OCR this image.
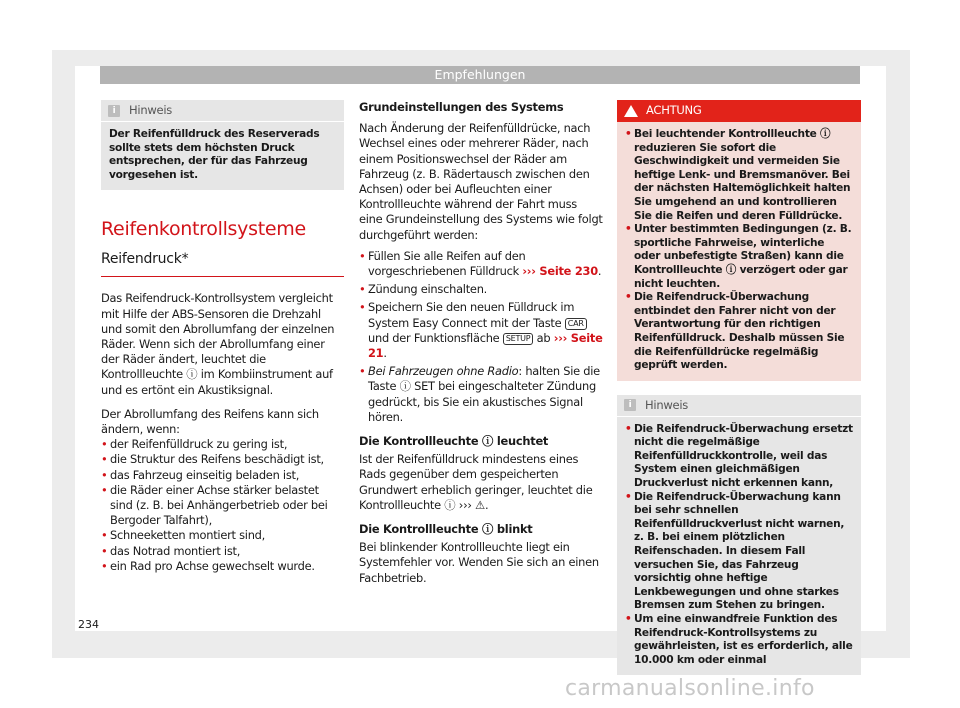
Empfehlungen
i	Hinweis
Der Reifenfülldruck des Reserverads sollte stets dem höchsten Druck entsprechen, der für das Fahrzeug vorgesehen ist.
Reifenkontrollsysteme
Reifendruck*

Das Reifendruck-Kontrollsystem vergleicht mit Hilfe der ABS-Sensoren die Drehzahl und somit den Abrollumfang der einzelnen Räder. Wenn sich der Abrollumfang einer der Räder ändert, leuchtet die Kontrollleuchte ⓘ im Kombiinstrument auf und es ertönt ein Akustiksignal.

Der Abrollumfang des Reifens kann sich ändern, wenn:

• der Reifenfülldruck zu gering ist,
• die Struktur des Reifens beschädigt ist,
• das Fahrzeug einseitig beladen ist,
• die Räder einer Achse stärker belastet sind (z. B. bei Anhängerbetrieb oder bei Bergoder Talfahrt),
• Schneeketten montiert sind,
• das Notrad montiert ist,
• ein Rad pro Achse gewechselt wurde.
Grundeinstellungen des Systems

Nach Änderung der Reifenfülldrücke, nach Wechsel eines oder mehrerer Räder, nach einem Positionswechsel der Räder am Fahrzeug (z. B. Rädertausch zwischen den Achsen) oder bei Aufleuchten einer Kontrollleuchte während der Fahrt muss eine Grundeinstellung des Systems wie folgt durchgeführt werden:

• Füllen Sie alle Reifen auf den vorgeschriebenen Fülldruck ››› Seite 230.
• Zündung einschalten.
• Speichern Sie den neuen Fülldruck im System Easy Connect mit der Taste CAR und der Funktionsfläche SETUP ab ››› Seite 21.
• Bei Fahrzeugen ohne Radio: halten Sie die Taste ⓘ SET bei eingeschalteter Zündung gedrückt, bis Sie ein akustisches Signal hören.
Die Kontrollleuchte ⓘ leuchtet

Ist der Reifenfülldruck mindestens eines Rads gegenüber dem gespeicherten Grundwert erheblich geringer, leuchtet die Kontrollleuchte ⓘ ››› ⚠.

Die Kontrollleuchte ⓘ blinkt

Bei blinkender Kontrollleuchte liegt ein Systemfehler vor. Wenden Sie sich an einen Fachbetrieb.

ACHTUNG
• Bei leuchtender Kontrollleuchte ⓘ reduzieren Sie sofort die Geschwindigkeit und vermeiden Sie heftige Lenk- und Bremsmanöver. Bei der nächsten Haltemöglichkeit halten Sie umgehend an und kontrollieren Sie die Reifen und deren Fülldrücke.
• Unter bestimmten Bedingungen (z. B. sportliche Fahrweise, winterliche oder unbefestigte Straßen) kann die Kontrollleuchte ⓘ verzögert oder gar nicht leuchten.
• Die Reifendruck-Überwachung entbindet den Fahrer nicht von der Verantwortung für den richtigen Reifenfülldruck. Deshalb müssen Sie die Reifenfülldrücke regelmäßig geprüft werden.
i	Hinweis
• Die Reifendruck-Überwachung ersetzt nicht die regelmäßige Reifenfülldruckkontrolle, weil das System einen gleichmäßigen Druckverlust nicht erkennen kann,
• Die Reifendruck-Überwachung kann bei sehr schnellen Reifenfülldruckverlust nicht warnen, z. B. bei einem plötzlichen Reifenschaden. In diesem Fall versuchen Sie, das Fahrzeug vorsichtig ohne heftige Lenkbewegungen und ohne starkes Bremsen zum Stehen zu bringen.
• Um eine einwandfreie Funktion des Reifendruck-Kontrollsystems zu gewährleisten, ist es erforderlich, alle 10.000 km oder einmal
234
carmanualsonline.info
